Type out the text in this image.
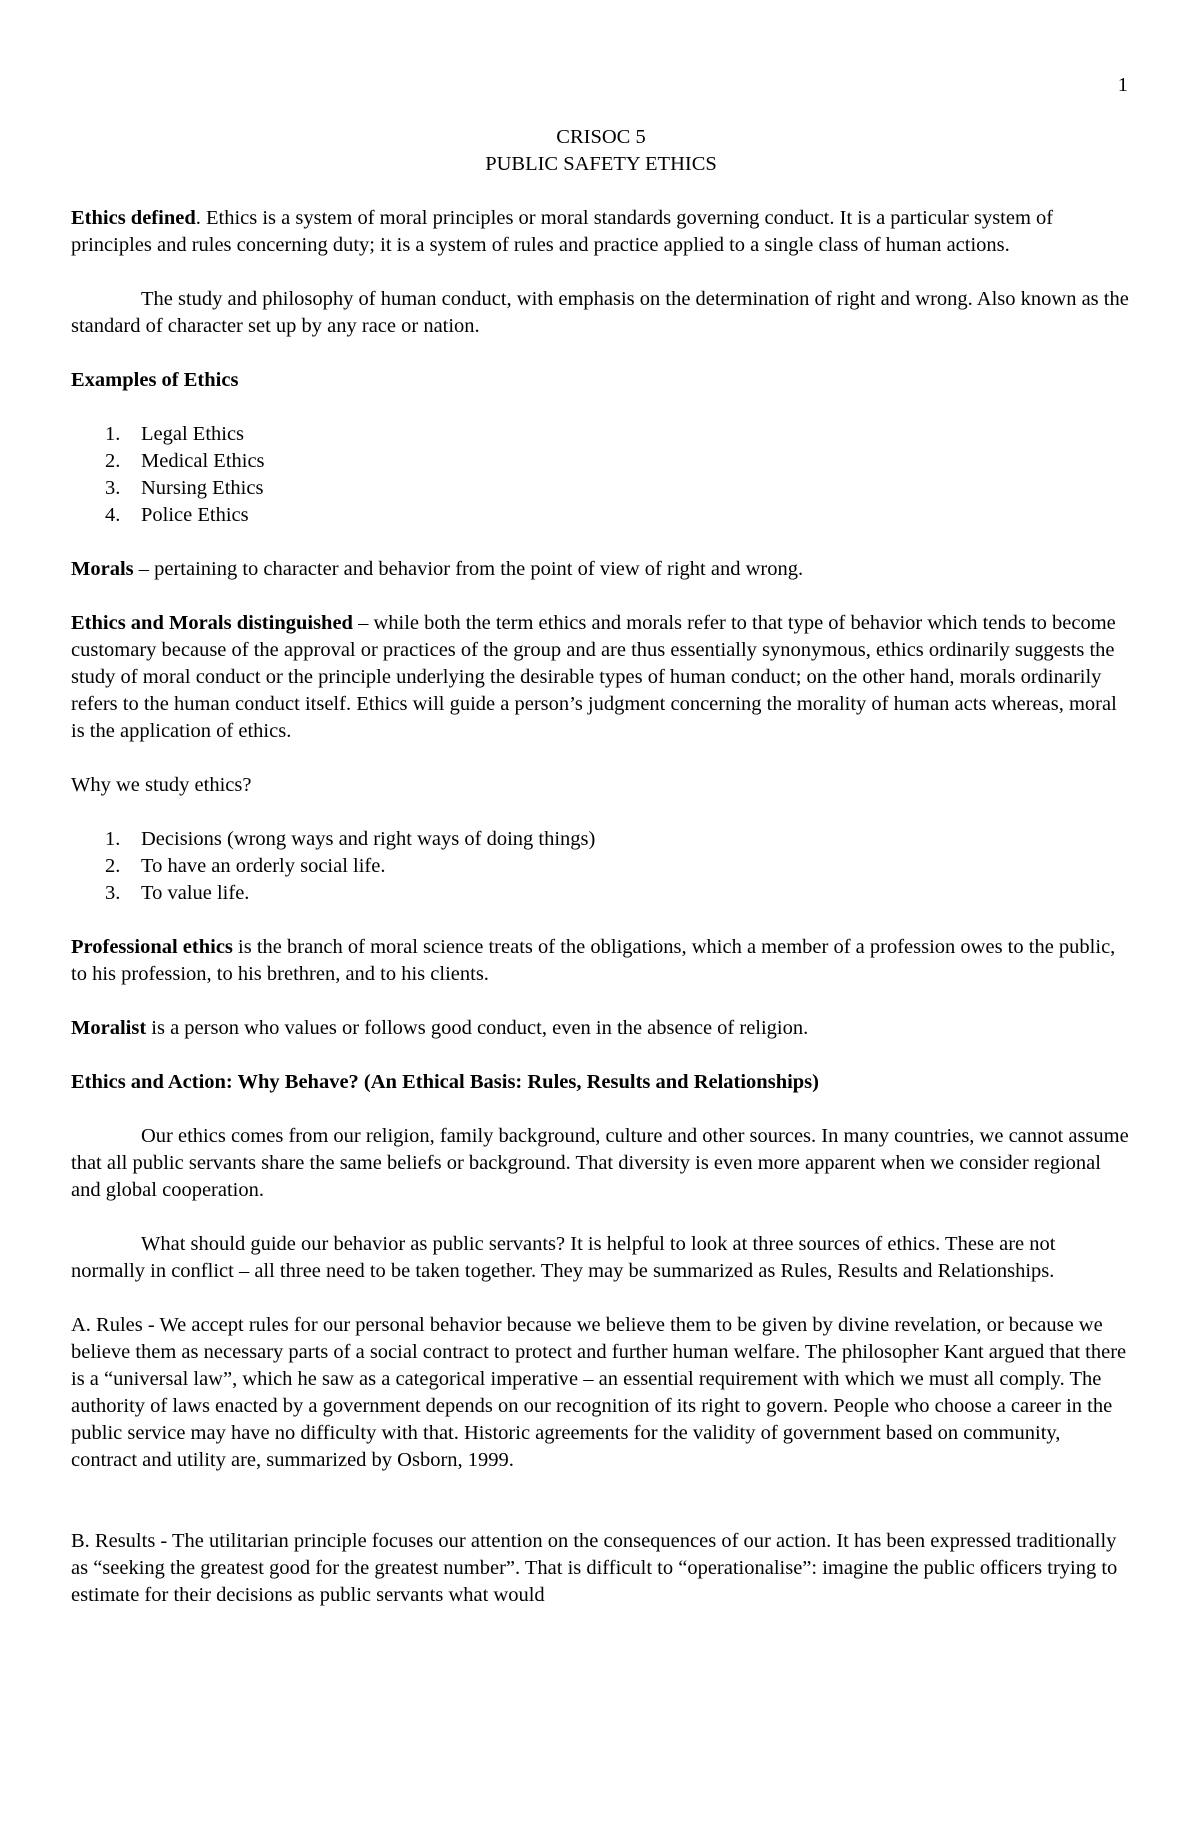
1

CRISOC 5

PUBLIC SAFETY ETHICS

Ethics defined. Ethics is a system of moral principles or moral standards governing conduct. It is a particular system of principles and rules concerning duty; it is a system of rules and practice applied to a single class of human actions.

The study and philosophy of human conduct, with emphasis on the determination of right and wrong. Also known as the standard of character set up by any race or nation.

Examples of Ethics

1. Legal Ethics
2. Medical Ethics
3. Nursing Ethics
4. Police Ethics

Morals – pertaining to character and behavior from the point of view of right and wrong.

Ethics and Morals distinguished – while both the term ethics and morals refer to that type of behavior which tends to become customary because of the approval or practices of the group and are thus essentially synonymous, ethics ordinarily suggests the study of moral conduct or the principle underlying the desirable types of human conduct; on the other hand, morals ordinarily refers to the human conduct itself. Ethics will guide a person’s judgment concerning the morality of human acts whereas, moral is the application of ethics.

Why we study ethics?

1. Decisions (wrong ways and right ways of doing things)
2. To have an orderly social life.
3. To value life.

Professional ethics is the branch of moral science treats of the obligations, which a member of a profession owes to the public, to his profession, to his brethren, and to his clients.

Moralist is a person who values or follows good conduct, even in the absence of religion.

Ethics and Action: Why Behave? (An Ethical Basis: Rules, Results and Relationships)

Our ethics comes from our religion, family background, culture and other sources. In many countries, we cannot assume that all public servants share the same beliefs or background. That diversity is even more apparent when we consider regional and global cooperation.

What should guide our behavior as public servants? It is helpful to look at three sources of ethics. These are not normally in conflict – all three need to be taken together. They may be summarized as Rules, Results and Relationships.

A. Rules - We accept rules for our personal behavior because we believe them to be given by divine revelation, or because we believe them as necessary parts of a social contract to protect and further human welfare. The philosopher Kant argued that there is a “universal law”, which he saw as a categorical imperative – an essential requirement with which we must all comply. The authority of laws enacted by a government depends on our recognition of its right to govern. People who choose a career in the public service may have no difficulty with that. Historic agreements for the validity of government based on community, contract and utility are, summarized by Osborn, 1999.

B. Results - The utilitarian principle focuses our attention on the consequences of our action. It has been expressed traditionally as “seeking the greatest good for the greatest number”. That is difficult to “operationalise”: imagine the public officers trying to estimate for their decisions as public servants what would
